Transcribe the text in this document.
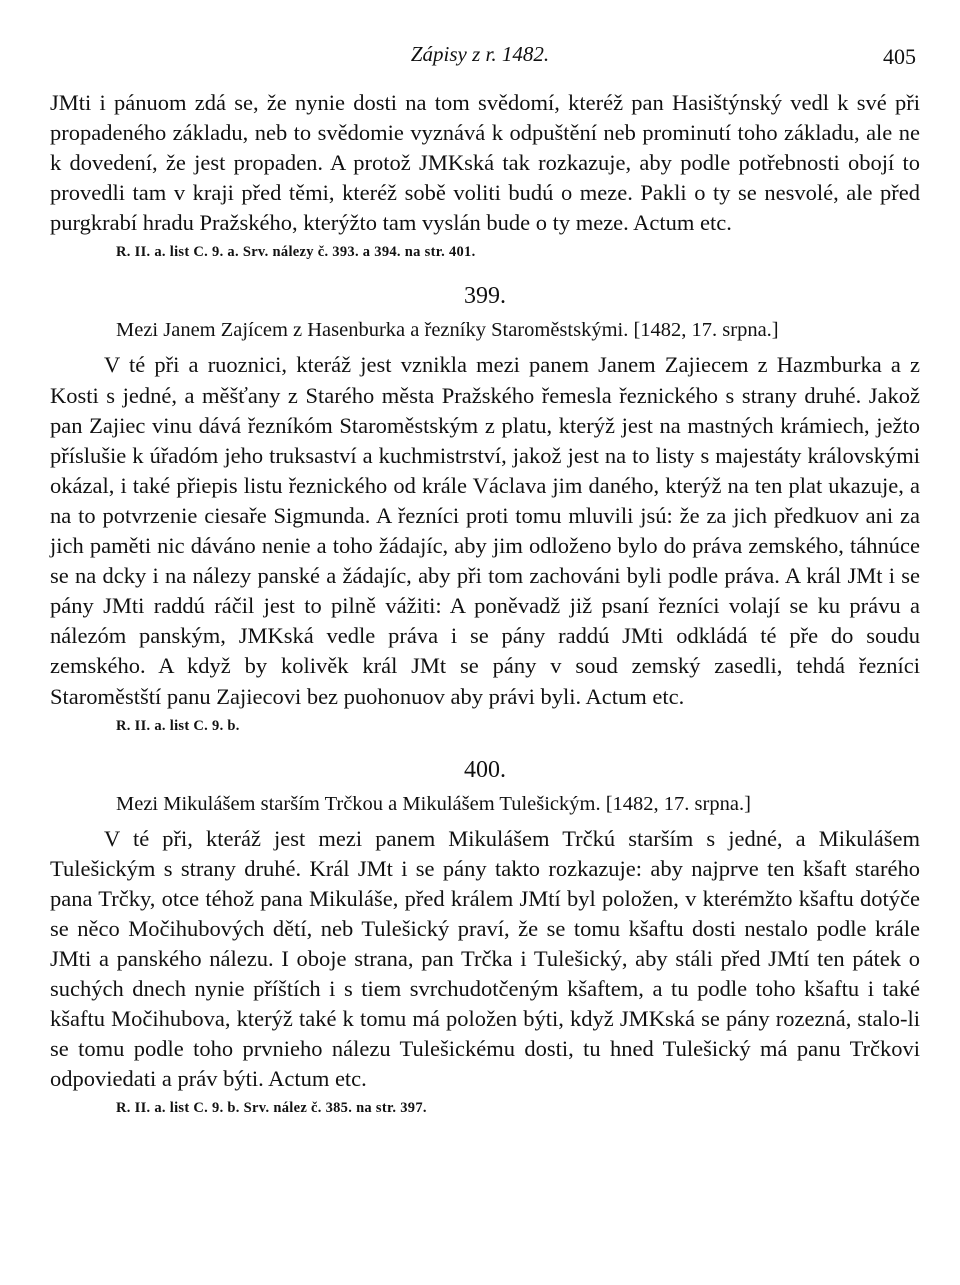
Zápisy z r. 1482.	405

JMti i pánuom zdá se, že nynie dosti na tom svědomí, kteréž pan Hasištýnský vedl k své při propadeného základu, neb to svědomie vyznává k odpuštění neb prominutí toho základu, ale ne k dovedení, že jest propaden. A protož JMKská tak rozkazuje, aby podle potřebnosti obojí to provedli tam v kraji před těmi, kteréž sobě voliti budú o meze. Pakli o ty se nesvolé, ale před purgkrabí hradu Pražského, kterýžto tam vyslán bude o ty meze. Actum etc.

R. II. a. list C. 9. a. Srv. nálezy č. 393. a 394. na str. 401.
399.
Mezi Janem Zajícem z Hasenburka a řezníky Staroměstskými. [1482, 17. srpna.]

V té při a ruoznici, kteráž jest vznikla mezi panem Janem Zajiecem z Hazmburka a z Kosti s jedné, a měšťany z Starého města Pražského řemesla řeznického s strany druhé. Jakož pan Zajiec vinu dává řezníkóm Staroměstským z platu, kterýž jest na mastných krámiech, ježto příslušie k úřadóm jeho truksaství a kuchmistrství, jakož jest na to listy s majestáty královskými okázal, i také přiepis listu řeznického od krále Václava jim daného, kterýž na ten plat ukazuje, a na to potvrzenie ciesaře Sigmunda. A řezníci proti tomu mluvili jsú: že za jich předkuov ani za jich paměti nic dáváno nenie a toho žádajíc, aby jim odloženo bylo do práva zemského, táhnúce se na dcky i na nálezy panské a žádajíc, aby při tom zachováni byli podle práva. A král JMt i se pány JMti raddú ráčil jest to pilně vážiti: A poněvadž již psaní řezníci volají se ku právu a nálezóm panským, JMKská vedle práva i se pány raddú JMti odkládá té pře do soudu zemského. A když by kolivěk král JMt se pány v soud zemský zasedli, tehdá řezníci Staroměstští panu Zajiecovi bez puohonuov aby právi byli. Actum etc.

R. II. a. list C. 9. b.
400.
Mezi Mikulášem starším Trčkou a Mikulášem Tulešickým. [1482, 17. srpna.]

V té při, kteráž jest mezi panem Mikulášem Trčkú starším s jedné, a Mikulášem Tulešickým s strany druhé. Král JMt i se pány takto rozkazuje: aby najprve ten kšaft starého pana Trčky, otce téhož pana Mikuláše, před králem JMtí byl položen, v kterémžto kšaftu dotýče se něco Močihubových dětí, neb Tulešický praví, že se tomu kšaftu dosti nestalo podle krále JMti a panského nálezu. I oboje strana, pan Trčka i Tulešický, aby stáli před JMtí ten pátek o suchých dnech nynie příštích i s tiem svrchudotčeným kšaftem, a tu podle toho kšaftu i také kšaftu Močihubova, kterýž také k tomu má položen býti, když JMKská se pány rozezná, stalo-li se tomu podle toho prvnieho nálezu Tulešickému dosti, tu hned Tulešický má panu Trčkovi odpoviedati a práv býti. Actum etc.

R. II. a. list C. 9. b. Srv. nález č. 385. na str. 397.
